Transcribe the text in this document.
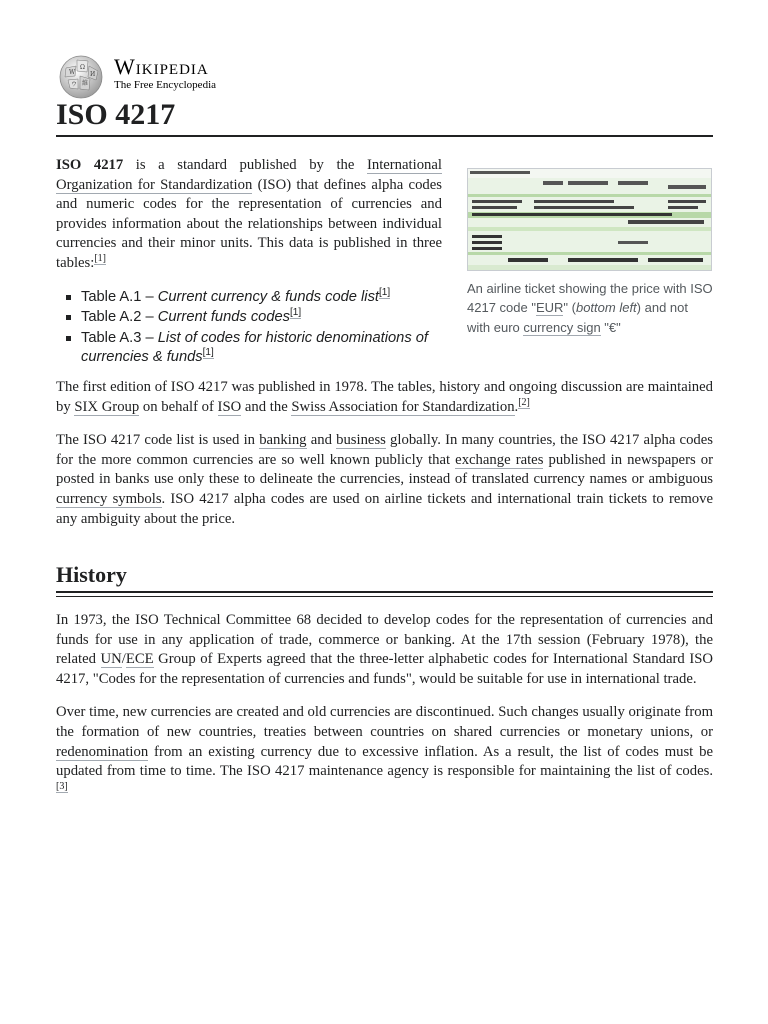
W
Ω
И
ウ 維
Wikipedia
The Free Encyclopedia
ISO 4217
An airline ticket showing the price with ISO 4217 code "EUR" (bottom left) and not with euro currency sign "€"

ISO 4217 is a standard published by the International Organization for Standardization (ISO) that defines alpha codes and numeric codes for the representation of currencies and provides information about the relationships between individual currencies and their minor units. This data is published in three tables:[1]

Table A.1 – Current currency & funds code list[1]
Table A.2 – Current funds codes[1]
Table A.3 – List of codes for historic denominations of currencies & funds[1]

The first edition of ISO 4217 was published in 1978. The tables, history and ongoing discussion are maintained by SIX Group on behalf of ISO and the Swiss Association for Standardization.[2]

The ISO 4217 code list is used in banking and business globally. In many countries, the ISO 4217 alpha codes for the more common currencies are so well known publicly that exchange rates published in newspapers or posted in banks use only these to delineate the currencies, instead of translated currency names or ambiguous currency symbols. ISO 4217 alpha codes are used on airline tickets and international train tickets to remove any ambiguity about the price.

History

In 1973, the ISO Technical Committee 68 decided to develop codes for the representation of currencies and funds for use in any application of trade, commerce or banking. At the 17th session (February 1978), the related UN/ECE Group of Experts agreed that the three-letter alphabetic codes for International Standard ISO 4217, "Codes for the representation of currencies and funds", would be suitable for use in international trade.

Over time, new currencies are created and old currencies are discontinued. Such changes usually originate from the formation of new countries, treaties between countries on shared currencies or monetary unions, or redenomination from an existing currency due to excessive inflation. As a result, the list of codes must be updated from time to time. The ISO 4217 maintenance agency is responsible for maintaining the list of codes.[3]
